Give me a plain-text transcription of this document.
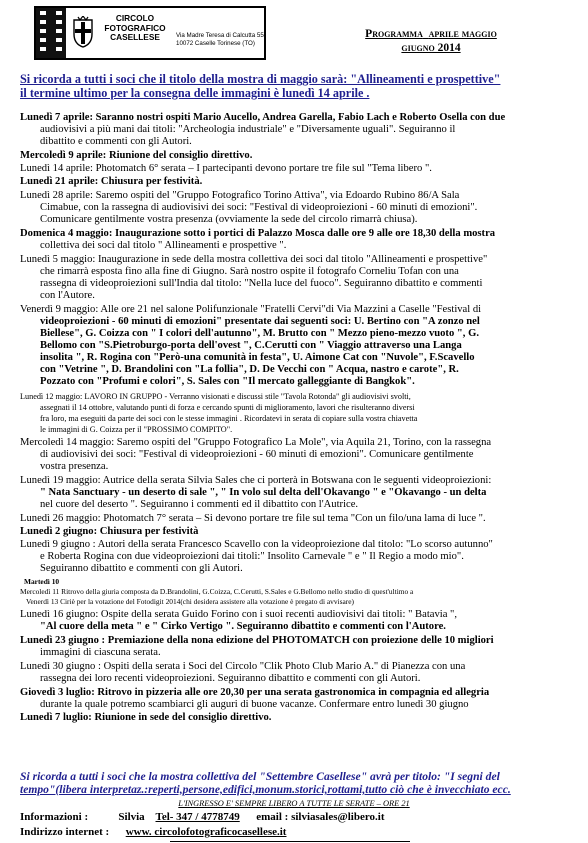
CIRCOLO
FOTOGRAFICO
CASELLESE	Via Madre Teresa di Calcutta 55
10072 Caselle Torinese (TO)
Programma aprile maggio
giugno 2014
Si ricorda a tutti i soci che il titolo della mostra di maggio sarà: "Allineamenti e prospettive"
il termine ultimo per la consegna delle immagini è lunedì 14 aprile .
Lunedì 7 aprile: Saranno nostri ospiti Mario Aucello, Andrea Garella, Fabio Lach e Roberto Osella con due
audiovisivi a più mani dai titoli: "Archeologia industriale" e "Diversamente uguali". Seguiranno il
dibattito e commenti con gli Autori.
Mercoledì 9 aprile: Riunione del consiglio direttivo.
Lunedì 14 aprile: Photomatch 6° serata – I partecipanti devono portare tre file sul "Tema libero ".
Lunedì 21 aprile: Chiusura per festività.
Lunedì 28 aprile: Saremo ospiti del "Gruppo Fotografico Torino Attiva", via Edoardo Rubino 86/A Sala
Cimabue, con la rassegna di audiovisivi dei soci: "Festival di videoproiezioni - 60 minuti di emozioni".
Comunicare gentilmente vostra presenza (ovviamente la sede del circolo rimarrà chiusa).
Domenica 4 maggio: Inaugurazione sotto i portici di Palazzo Mosca dalle ore 9 alle ore 18,30 della mostra
collettiva dei soci dal titolo " Allineamenti e prospettive ".
Lunedì 5 maggio: Inaugurazione in sede della mostra collettiva dei soci dal titolo "Allineamenti e prospettive"
che rimarrà esposta fino alla fine di Giugno. Sarà nostro ospite il fotografo Corneliu Tofan con una
rassegna di videoproiezioni sull'India dal titolo: "Nella luce del fuoco". Seguiranno dibattito e commenti
con l'Autore.
Venerdì 9 maggio: Alle ore 21 nel salone Polifunzionale "Fratelli Cervi"di Via Mazzini a Caselle "Festival di
videoproiezioni - 60 minuti di emozioni" presentate dai seguenti soci: U. Bertino con "A zonzo nel
Biellese", G. Coizza con " I colori dell'autunno", M. Brutto con " Mezzo pieno-mezzo vuoto ", G.
Bellomo con "S.Pietroburgo-porta dell'ovest ", C.Cerutti con " Viaggio attraverso una Langa
insolita ", R. Rogina con "Però-una comunità in festa", U. Aimone Cat con "Nuvole", F.Scavello
con "Vetrine ", D. Brandolini con "La follia", D. De Vecchi con " Acqua, nastro e carote", R.
Pozzato con "Profumi e colori", S. Sales con "Il mercato galleggiante di Bangkok".
Lunedì 12 maggio: LAVORO IN GRUPPO - Verranno visionati e discussi stile "Tavola Rotonda" gli audiovisivi svolti,
assegnati il 14 ottobre, valutando punti di forza e cercando spunti di miglioramento, lavori che risulteranno diversi
fra loro, ma eseguiti da parte dei soci con le stesse immagini . Ricordatevi in serata di copiare sulla vostra chiavetta
le immagini di G. Coizza per il "PROSSIMO COMPITO".
Mercoledì 14 maggio: Saremo ospiti del "Gruppo Fotografico La Mole", via Aquila 21, Torino, con la rassegna
di audiovisivi dei soci: "Festival di videoproiezioni - 60 minuti di emozioni". Comunicare gentilmente
vostra presenza.
Lunedì 19 maggio: Autrice della serata Silvia Sales che ci porterà in Botswana con le seguenti videoproiezioni:
" Nata Sanctuary - un deserto di sale ", " In volo sul delta dell'Okavango " e "Okavango - un delta
nel cuore del deserto ". Seguiranno i commenti ed il dibattito con l'Autrice.
Lunedì 26 maggio: Photomatch 7° serata – Si devono portare tre file sul tema "Con un filo/una lama di luce ".
Lunedì 2 giugno: Chiusura per festività
Lunedì 9 giugno : Autori della serata Francesco Scavello con la videoproiezione dal titolo: "Lo scorso autunno"
e Roberta Rogina con due videoproiezioni dai titoli:" Insolito Carnevale " e " Il Regio a modo mio".
Seguiranno dibattito e commenti con gli Autori.
Martedì 10
Mercoledì 11 Ritrovo della giuria composta da D.Brandolini, G.Coizza, C.Cerutti, S.Sales e G.Bellomo nello studio di quest'ultimo a
Venerdì 13 Ciriè per la votazione del Fotodigit 2014(chi desidera assistere alla votazione è pregato di avvisare)
Lunedì 16 giugno: Ospite della serata Guido Forino con i suoi recenti audiovisivi dai titoli: " Batavia ",
"Al cuore della meta " e " Cirko Vertigo ". Seguiranno dibattito e commenti con l'Autore.
Lunedì 23 giugno : Premiazione della nona edizione del PHOTOMATCH con proiezione delle 10 migliori
immagini di ciascuna serata.
Lunedì 30 giugno : Ospiti della serata i Soci del Circolo "Clik Photo Club Mario A." di Pianezza con una
rassegna dei loro recenti videoproiezioni. Seguiranno dibattito e commenti con gli Autori.
Giovedì 3 luglio: Ritrovo in pizzeria alle ore 20,30 per una serata gastronomica in compagnia ed allegria
durante la quale potremo scambiarci gli auguri di buone vacanze. Confermare entro lunedì 30 giugno
Lunedì 7 luglio: Riunione in sede del consiglio direttivo.
Si ricorda a tutti i soci che la mostra collettiva del "Settembre Casellese" avrà per titolo: "I segni del
tempo"(libera interpretaz.:reperti,persone,edifici,monum.storici,rottami,tutto ciò che è invecchiato ecc.
L'INGRESSO E' SEMPRE LIBERO A TUTTE LE SERATE – ORE 21
Informazioni :	Silvia Tel- 347 / 4778749 email : silviasales@libero.it
Indirizzo internet : www. circolofotograficocasellese.it
